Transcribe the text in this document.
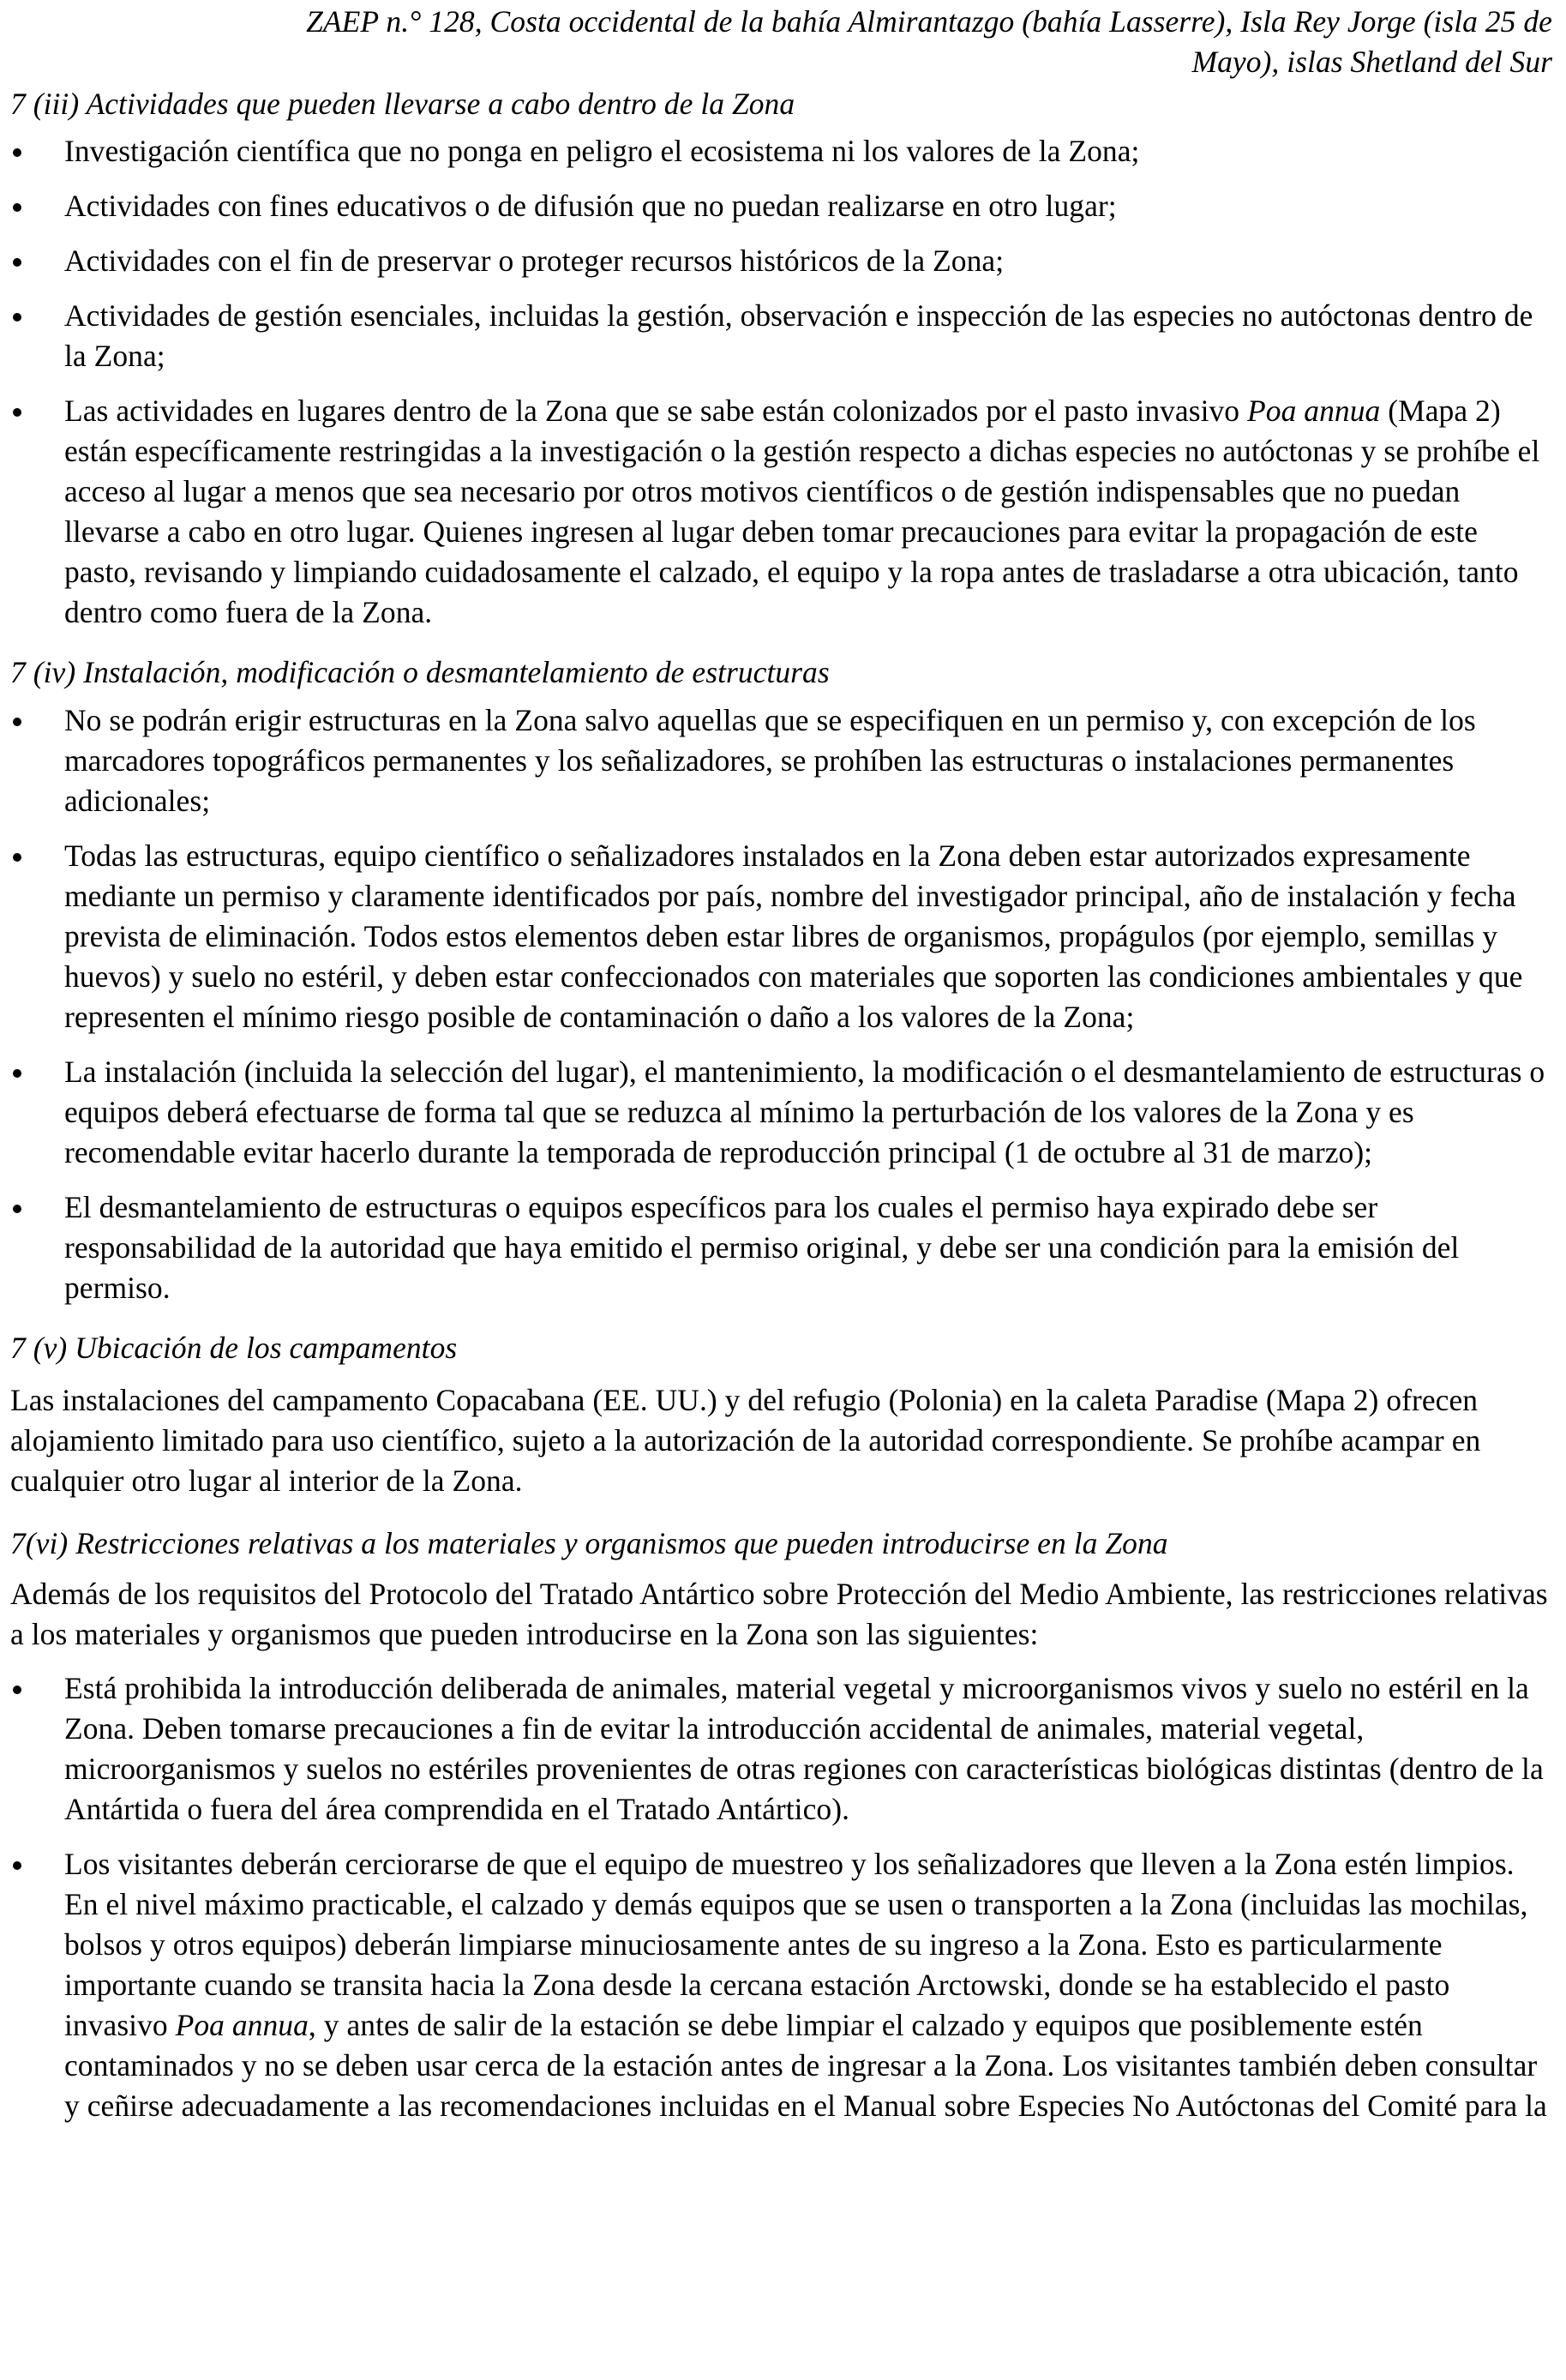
ZAEP n.° 128, Costa occidental de la bahía Almirantazgo (bahía Lasserre), Isla Rey Jorge (isla 25 de
Mayo), islas Shetland del Sur

7 (iii) Actividades que pueden llevarse a cabo dentro de la Zona

Investigación científica que no ponga en peligro el ecosistema ni los valores de la Zona;
Actividades con fines educativos o de difusión que no puedan realizarse en otro lugar;
Actividades con el fin de preservar o proteger recursos históricos de la Zona;
Actividades de gestión esenciales, incluidas la gestión, observación e inspección de las especies no autóctonas dentro de la Zona;
Las actividades en lugares dentro de la Zona que se sabe están colonizados por el pasto invasivo Poa annua (Mapa 2) están específicamente restringidas a la investigación o la gestión respecto a dichas especies no autóctonas y se prohíbe el acceso al lugar a menos que sea necesario por otros motivos científicos o de gestión indispensables que no puedan llevarse a cabo en otro lugar. Quienes ingresen al lugar deben tomar precauciones para evitar la propagación de este pasto, revisando y limpiando cuidadosamente el calzado, el equipo y la ropa antes de trasladarse a otra ubicación, tanto dentro como fuera de la Zona.

7 (iv) Instalación, modificación o desmantelamiento de estructuras

No se podrán erigir estructuras en la Zona salvo aquellas que se especifiquen en un permiso y, con excepción de los marcadores topográficos permanentes y los señalizadores, se prohíben las estructuras o instalaciones permanentes adicionales;
Todas las estructuras, equipo científico o señalizadores instalados en la Zona deben estar autorizados expresamente mediante un permiso y claramente identificados por país, nombre del investigador principal, año de instalación y fecha prevista de eliminación. Todos estos elementos deben estar libres de organismos, propágulos (por ejemplo, semillas y huevos) y suelo no estéril, y deben estar confeccionados con materiales que soporten las condiciones ambientales y que representen el mínimo riesgo posible de contaminación o daño a los valores de la Zona;
La instalación (incluida la selección del lugar), el mantenimiento, la modificación o el desmantelamiento de estructuras o equipos deberá efectuarse de forma tal que se reduzca al mínimo la perturbación de los valores de la Zona y es recomendable evitar hacerlo durante la temporada de reproducción principal (1 de octubre al 31 de marzo);
El desmantelamiento de estructuras o equipos específicos para los cuales el permiso haya expirado debe ser responsabilidad de la autoridad que haya emitido el permiso original, y debe ser una condición para la emisión del permiso.

7 (v) Ubicación de los campamentos

Las instalaciones del campamento Copacabana (EE. UU.) y del refugio (Polonia) en la caleta Paradise (Mapa 2) ofrecen alojamiento limitado para uso científico, sujeto a la autorización de la autoridad correspondiente. Se prohíbe acampar en cualquier otro lugar al interior de la Zona.

7(vi) Restricciones relativas a los materiales y organismos que pueden introducirse en la Zona

Además de los requisitos del Protocolo del Tratado Antártico sobre Protección del Medio Ambiente, las restricciones relativas a los materiales y organismos que pueden introducirse en la Zona son las siguientes:

Está prohibida la introducción deliberada de animales, material vegetal y microorganismos vivos y suelo no estéril en la Zona. Deben tomarse precauciones a fin de evitar la introducción accidental de animales, material vegetal, microorganismos y suelos no estériles provenientes de otras regiones con características biológicas distintas (dentro de la Antártida o fuera del área comprendida en el Tratado Antártico).
Los visitantes deberán cerciorarse de que el equipo de muestreo y los señalizadores que lleven a la Zona estén limpios. En el nivel máximo practicable, el calzado y demás equipos que se usen o transporten a la Zona (incluidas las mochilas, bolsos y otros equipos) deberán limpiarse minuciosamente antes de su ingreso a la Zona. Esto es particularmente importante cuando se transita hacia la Zona desde la cercana estación Arctowski, donde se ha establecido el pasto invasivo Poa annua, y antes de salir de la estación se debe limpiar el calzado y equipos que posiblemente estén contaminados y no se deben usar cerca de la estación antes de ingresar a la Zona. Los visitantes también deben consultar y ceñirse adecuadamente a las recomendaciones incluidas en el Manual sobre Especies No Autóctonas del Comité para la
